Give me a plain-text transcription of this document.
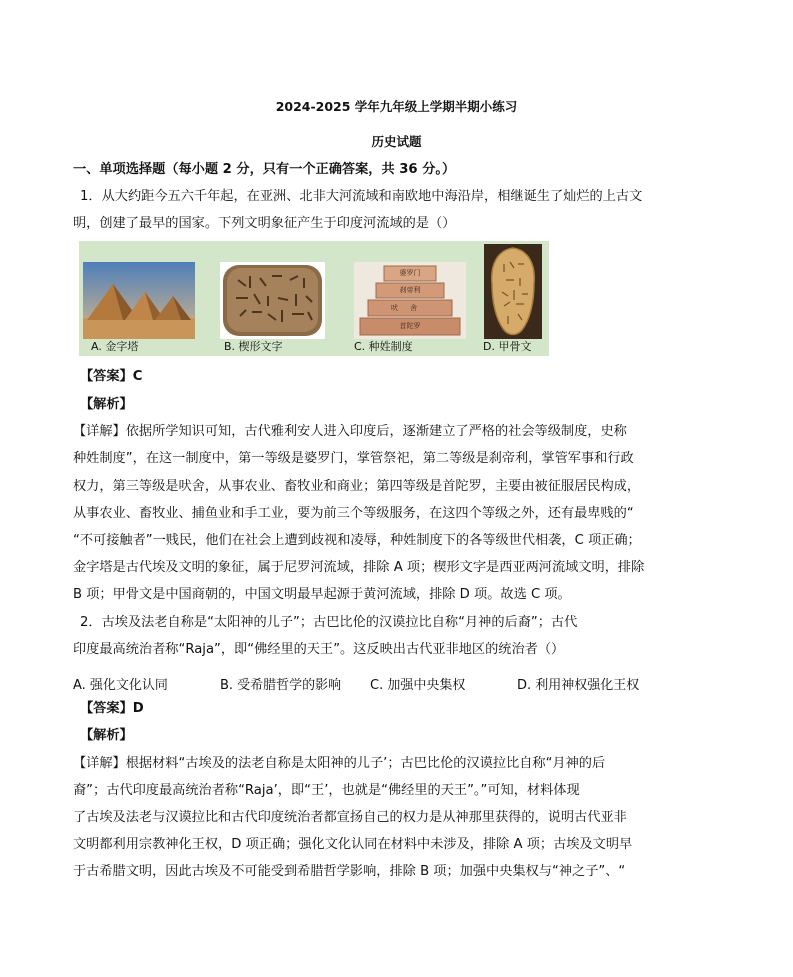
2024-2025 学年九年级上学期半期小练习
历史试题
一、单项选择题（每小题 2 分，只有一个正确答案，共 36 分。）
1．从大约距今五六千年起，在亚洲、北非大河流域和南欧地中海沿岸，相继诞生了灿烂的上古文
明，创建了最早的国家。下列文明象征产生于印度河流域的是（）
A. 金字塔	B. 楔形文字
婆罗门
刹帝利
吠舍
首陀罗
C. 种姓制度	D. 甲骨文
【答案】C
【解析】
【详解】依据所学知识可知，古代雅利安人进入印度后，逐渐建立了严格的社会等级制度，史称
种姓制度”，在这一制度中，第一等级是婆罗门，掌管祭祀，第二等级是刹帝利，掌管军事和行政
权力，第三等级是吠舍，从事农业、畜牧业和商业；第四等级是首陀罗，主要由被征服居民构成，
从事农业、畜牧业、捕鱼业和手工业，要为前三个等级服务，在这四个等级之外，还有最卑贱的“
“不可接触者”一贱民，他们在社会上遭到歧视和凌辱，种姓制度下的各等级世代相袭，C 项正确；
金字塔是古代埃及文明的象征，属于尼罗河流域，排除 A 项；楔形文字是西亚两河流域文明，排除
B 项；甲骨文是中国商朝的，中国文明最早起源于黄河流域，排除 D 项。故选 C 项。
2．古埃及法老自称是“太阳神的儿子”；古巴比伦的汉谟拉比自称“月神的后裔”；古代
印度最高统治者称“Raja”，即“佛经里的天王”。这反映出古代亚非地区的统治者（）
A. 强化文化认同	B. 受希腊哲学的影响 C. 加强中央集权	D. 利用神权强化王权
【答案】D
【解析】
【详解】根据材料“古埃及的法老自称是太阳神的儿子’；古巴比伦的汉谟拉比自称“月神的后
裔”；古代印度最高统治者称“Raja’，即“王’，也就是“佛经里的天王”。”可知，材料体现
了古埃及法老与汉谟拉比和古代印度统治者都宣扬自己的权力是从神那里获得的，说明古代亚非
文明都利用宗教神化王权，D 项正确；强化文化认同在材料中未涉及，排除 A 项；古埃及文明早
于古希腊文明，因此古埃及不可能受到希腊哲学影响，排除 B 项；加强中央集权与“神之子”、“
